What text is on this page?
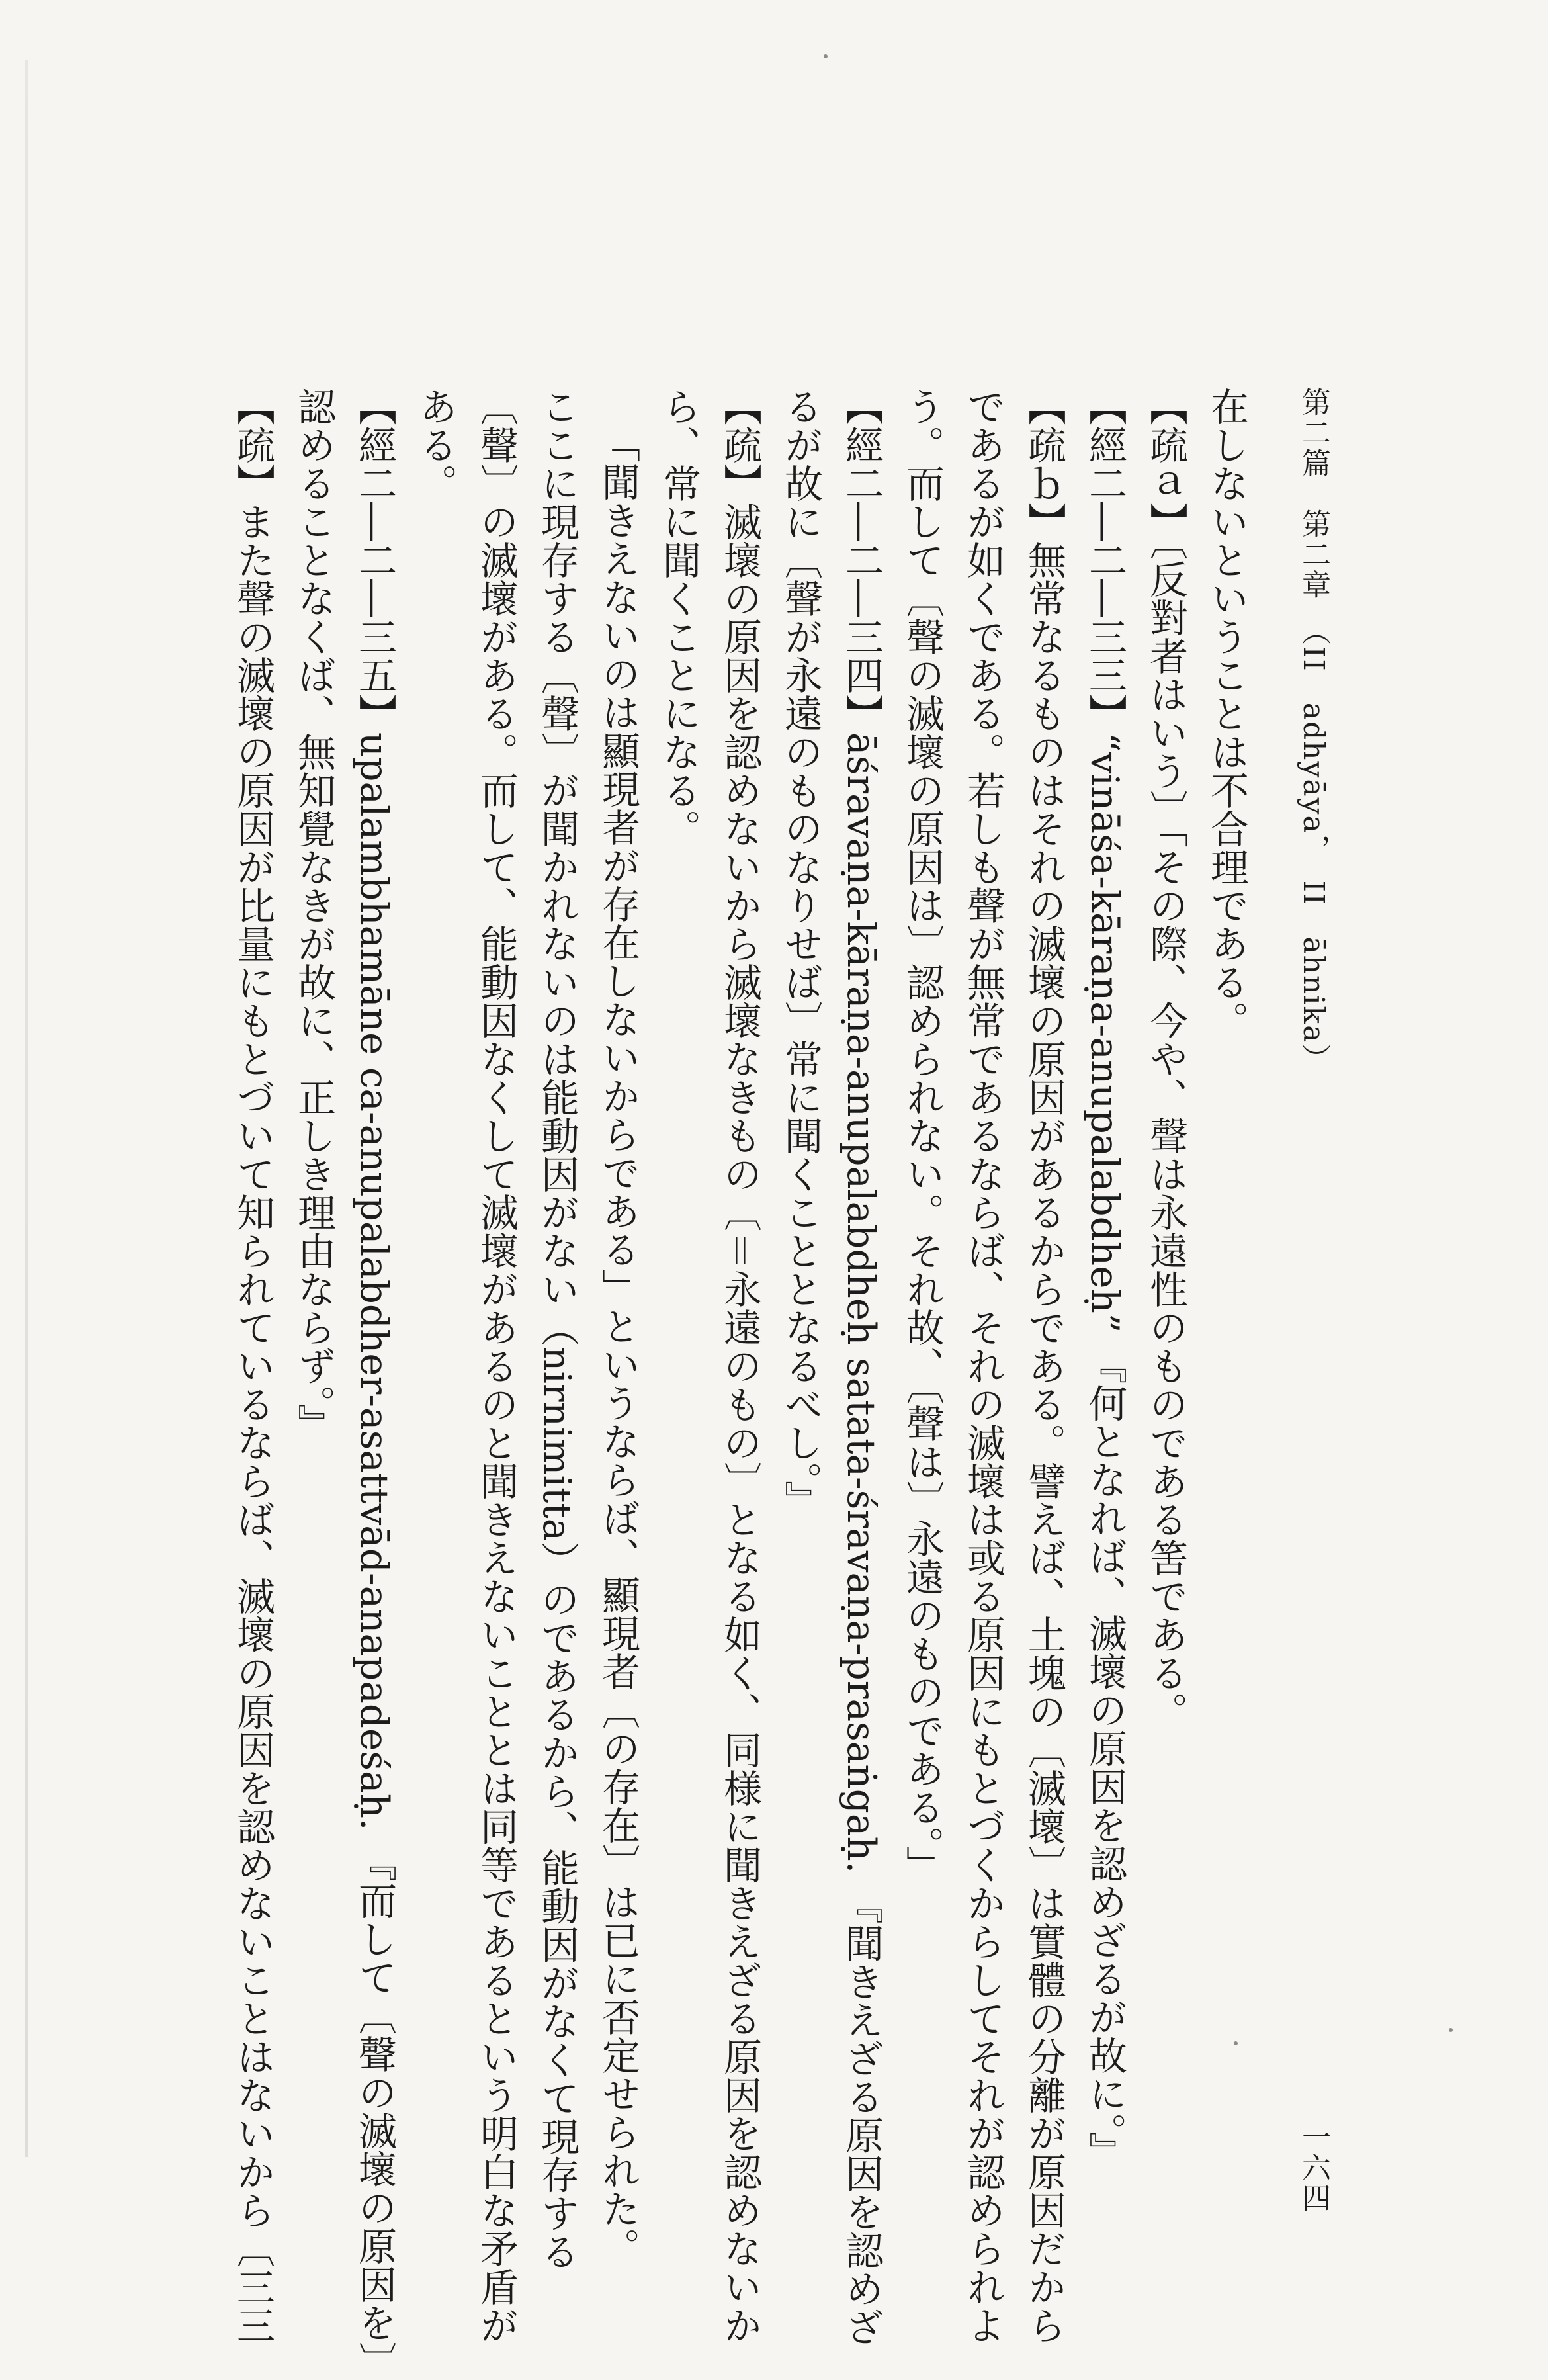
第二篇　第二章　（II　adhyāya，　II　āhnika）
一六四
在しないということは不合理である。
【疏ａ】〔反對者はいう〕「その際、今や、聲は永遠性のものである筈である。
【經二―二―三三】“vināśa-kāraṇa-anupalabdheḥ” 『何となれば、滅壞の原因を認めざるが故に。』
【疏ｂ】無常なるものはそれの滅壞の原因があるからである。譬えば、土塊の〔滅壞〕は實體の分離が原因だから
であるが如くである。若しも聲が無常であるならば、それの滅壞は或る原因にもとづくからしてそれが認められよ
う。而して〔聲の滅壞の原因は〕認められない。それ故、〔聲は〕永遠のものである。」
【經二―二―三四】āśravaṇa-kāraṇa-anupalabdheḥ satata-śravaṇa-prasaṅgaḥ. 『聞きえざる原因を認めざ
るが故に〔聲が永遠のものなりせば〕常に聞くこととなるべし。』
【疏】滅壞の原因を認めないから滅壞なきもの〔＝永遠のもの〕となる如く、同様に聞きえざる原因を認めないか
ら、常に聞くことになる。
「聞きえないのは顯現者が存在しないからである」というならば、顯現者〔の存在〕は已に否定せられた。
ここに現存する〔聲〕が聞かれないのは能動因がない（nirnimitta）のであるから、能動因がなくて現存する
〔聲〕の滅壞がある。而して、能動因なくして滅壞があるのと聞きえないこととは同等であるという明白な矛盾が
ある。
【經二―二―三五】upalambhamāne ca-anupalabdher-asattvād-anapadeśaḥ. 『而して〔聲の滅壞の原因を〕
認めることなくば、無知覺なきが故に、正しき理由ならず。』
【疏】また聲の滅壞の原因が比量にもとづいて知られているならば、滅壞の原因を認めないことはないから〔三三
